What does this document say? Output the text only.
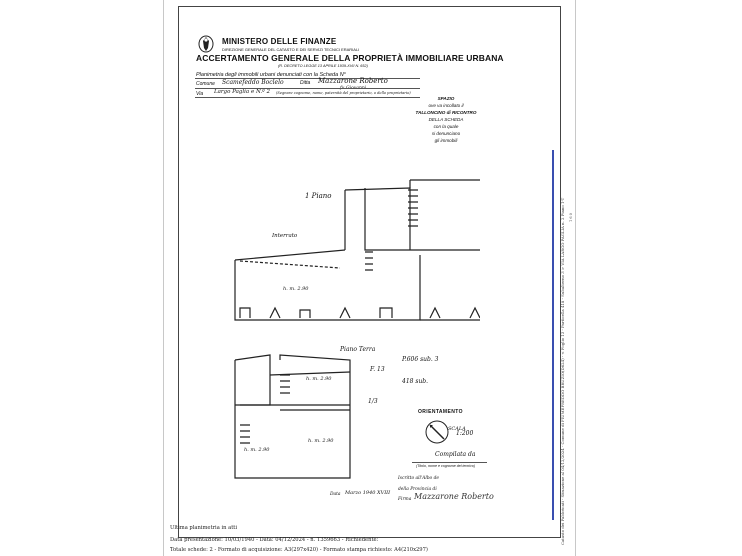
MINISTERO DELLE FINANZE
DIREZIONE GENERALE DEL CATASTO E DEI SERVIZI TECNICI ERARIALI
ACCERTAMENTO GENERALE DELLA PROPRIETÀ IMMOBILIARE URBANA
(R. DECRETO LEGGE 13 APRILE 1939-XVII N. 652)
Planimetria degli immobili urbani denunciati con la Scheda N°
Comune Scamefeddo Boclelo	Ditta Mazzarone Roberto
fu Giovanni
Via Largo Paglia e N.º 2 (Segnare cognome, nome, paternità del proprietario, o dello proprietario)
SPAZIO
ove va incollato il
TALLONCINO di RICONTRO
DELLA SCHEDA
con la quale
si denunciano
gli immobili
1 Piano
Interrato
h. m. 2.90
Piano Terra
h. m. 2.90
h. m. 2.90
h. m. 2.90
F. 13
P.606 sub. 3
418 sub.
1/3
ORIENTAMENTO
SCALA
1:200
Compilata da
(Titolo, nome e cognome del tecnico)
Iscritto all'Albo de
della Provincia di
Data Marzo 1940 XVIII
Firma Mazzarone Roberto
Ultima planimetria in atti
Data presentazione: 10/03/1940 - Data: 04/12/2024 - n. T359663 - Richiedente:
Totale schede: 2 - Formato di acquisizione: A3(297x420) - Formato stampa richiesto: A4(210x297)
Catasto dei Fabbricati - Situazione al 04/12/2024 - Comune di FIUMEFREDDO BRUZIO(D624) - < Foglio 13 - Particella 418 - Subalterno 3 > VIA LARGO PAGLIA n. 2 Piano 1-T 1 6 0
